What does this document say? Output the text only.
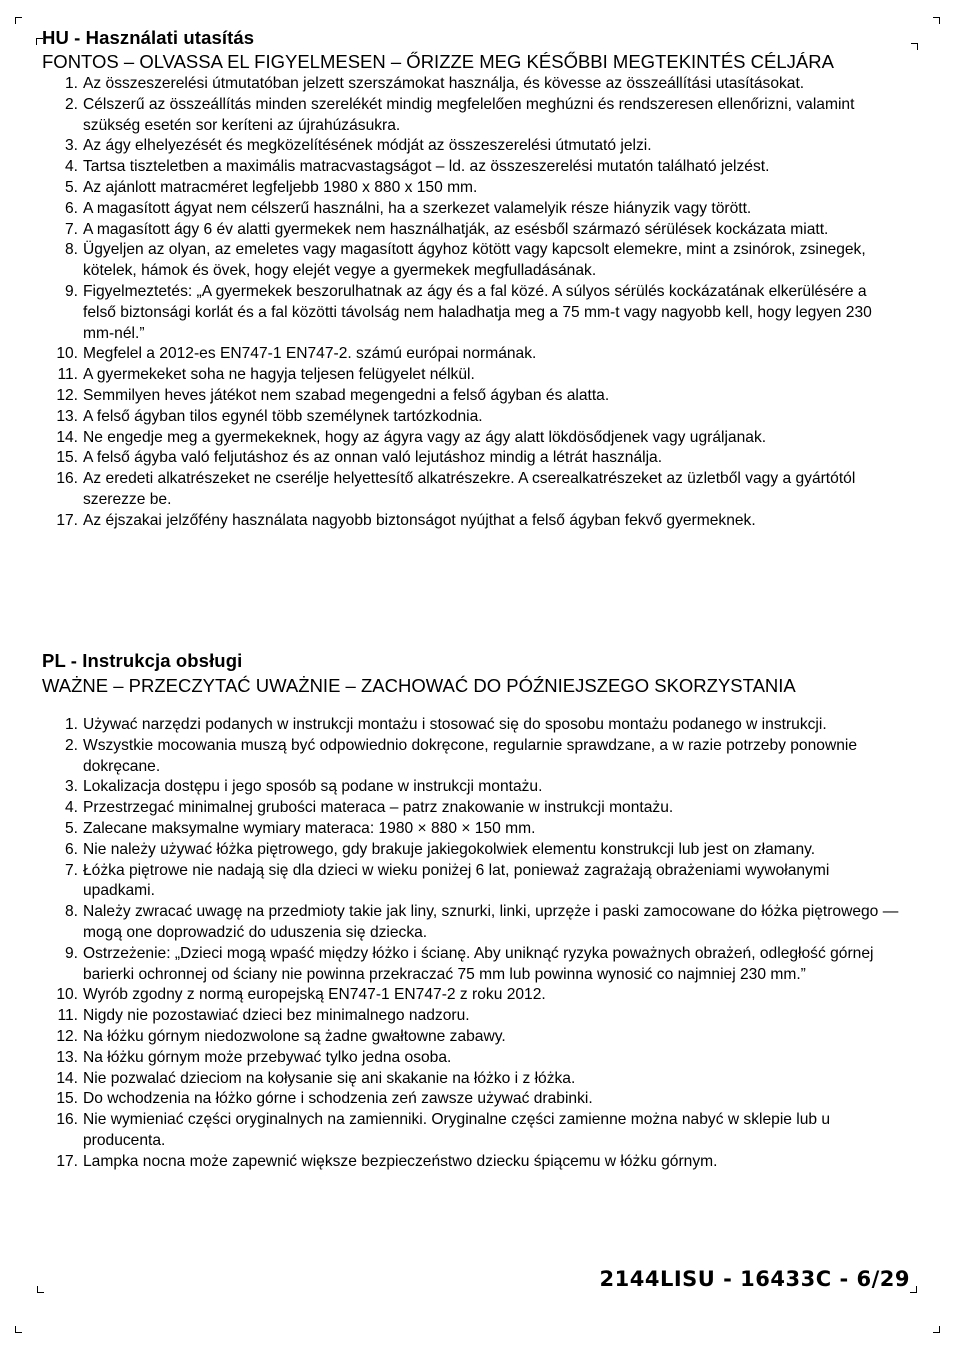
HU - Használati utasítás

FONTOS – OLVASSA EL FIGYELMESEN – ŐRIZZE MEG KÉSŐBBI MEGTEKINTÉS CÉLJÁRA

1. Az összeszerelési útmutatóban jelzett szerszámokat használja, és kövesse az összeállítási utasításokat.
2. Célszerű az összeállítás minden szerelékét mindig megfelelően meghúzni és rendszeresen ellenőrizni, valamint szükség esetén sor keríteni az újrahúzásukra.
3. Az ágy elhelyezését és megközelítésének módját az összeszerelési útmutató jelzi.
4. Tartsa tiszteletben a maximális matracvastagságot – ld. az összeszerelési mutatón található jelzést.
5. Az ajánlott matracméret legfeljebb 1980 x 880 x 150 mm.
6. A magasított ágyat nem célszerű használni, ha a szerkezet valamelyik része hiányzik vagy törött.
7. A magasított ágy 6 év alatti gyermekek nem használhatják, az esésből származó sérülések kockázata miatt.
8. Ügyeljen az olyan, az emeletes vagy magasított ágyhoz kötött vagy kapcsolt elemekre, mint a zsinórok, zsinegek, kötelek, hámok és övek, hogy elejét vegye a gyermekek megfulladásának.
9. Figyelmeztetés: „A gyermekek beszorulhatnak az ágy és a fal közé. A súlyos sérülés kockázatának elkerülésére a felső biztonsági korlát és a fal közötti távolság nem haladhatja meg a 75 mm-t vagy nagyobb kell, hogy legyen 230 mm-nél.”
10. Megfelel a 2012-es EN747-1 EN747-2. számú európai normának.
11. A gyermekeket soha ne hagyja teljesen felügyelet nélkül.
12. Semmilyen heves játékot nem szabad megengedni a felső ágyban és alatta.
13. A felső ágyban tilos egynél több személynek tartózkodnia.
14. Ne engedje meg a gyermekeknek, hogy az ágyra vagy az ágy alatt lökdösődjenek vagy ugráljanak.
15. A felső ágyba való feljutáshoz és az onnan való lejutáshoz mindig a létrát használja.
16. Az eredeti alkatrészeket ne cserélje helyettesítő alkatrészekre. A cserealkatrészeket az üzletből vagy a gyártótól szerezze be.
17. Az éjszakai jelzőfény használata nagyobb biztonságot nyújthat a felső ágyban fekvő gyermeknek.
PL - Instrukcja obsługi

WAŻNE – PRZECZYTAĆ UWAŻNIE – ZACHOWAĆ DO PÓŹNIEJSZEGO SKORZYSTANIA

1. Używać narzędzi podanych w instrukcji montażu i stosować się do sposobu montażu podanego w instrukcji.
2. Wszystkie mocowania muszą być odpowiednio dokręcone, regularnie sprawdzane, a w razie potrzeby ponownie dokręcane.
3. Lokalizacja dostępu i jego sposób są podane w instrukcji montażu.
4. Przestrzegać minimalnej grubości materaca – patrz znakowanie w instrukcji montażu.
5. Zalecane maksymalne wymiary materaca: 1980 × 880 × 150 mm.
6. Nie należy używać łóżka piętrowego, gdy brakuje jakiegokolwiek elementu konstrukcji lub jest on złamany.
7. Łóżka piętrowe nie nadają się dla dzieci w wieku poniżej 6 lat, ponieważ zagrażają obrażeniami wywołanymi upadkami.
8. Należy zwracać uwagę na przedmioty takie jak liny, sznurki, linki, uprzęże i paski zamocowane do łóżka piętrowego — mogą one doprowadzić do uduszenia się dziecka.
9. Ostrzeżenie: „Dzieci mogą wpaść między łóżko i ścianę. Aby uniknąć ryzyka poważnych obrażeń, odległość górnej barierki ochronnej od ściany nie powinna przekraczać 75 mm lub powinna wynosić co najmniej 230 mm.”
10. Wyrób zgodny z normą europejską EN747-1 EN747-2 z roku 2012.
11. Nigdy nie pozostawiać dzieci bez minimalnego nadzoru.
12. Na łóżku górnym niedozwolone są żadne gwałtowne zabawy.
13. Na łóżku górnym może przebywać tylko jedna osoba.
14. Nie pozwalać dzieciom na kołysanie się ani skakanie na łóżko i z łóżka.
15. Do wchodzenia na łóżko górne i schodzenia zeń zawsze używać drabinki.
16. Nie wymieniać części oryginalnych na zamienniki. Oryginalne części zamienne można nabyć w sklepie lub u producenta.
17. Lampka nocna może zapewnić większe bezpieczeństwo dziecku śpiącemu w łóżku górnym.
2144LISU - 16433C - 6/29
